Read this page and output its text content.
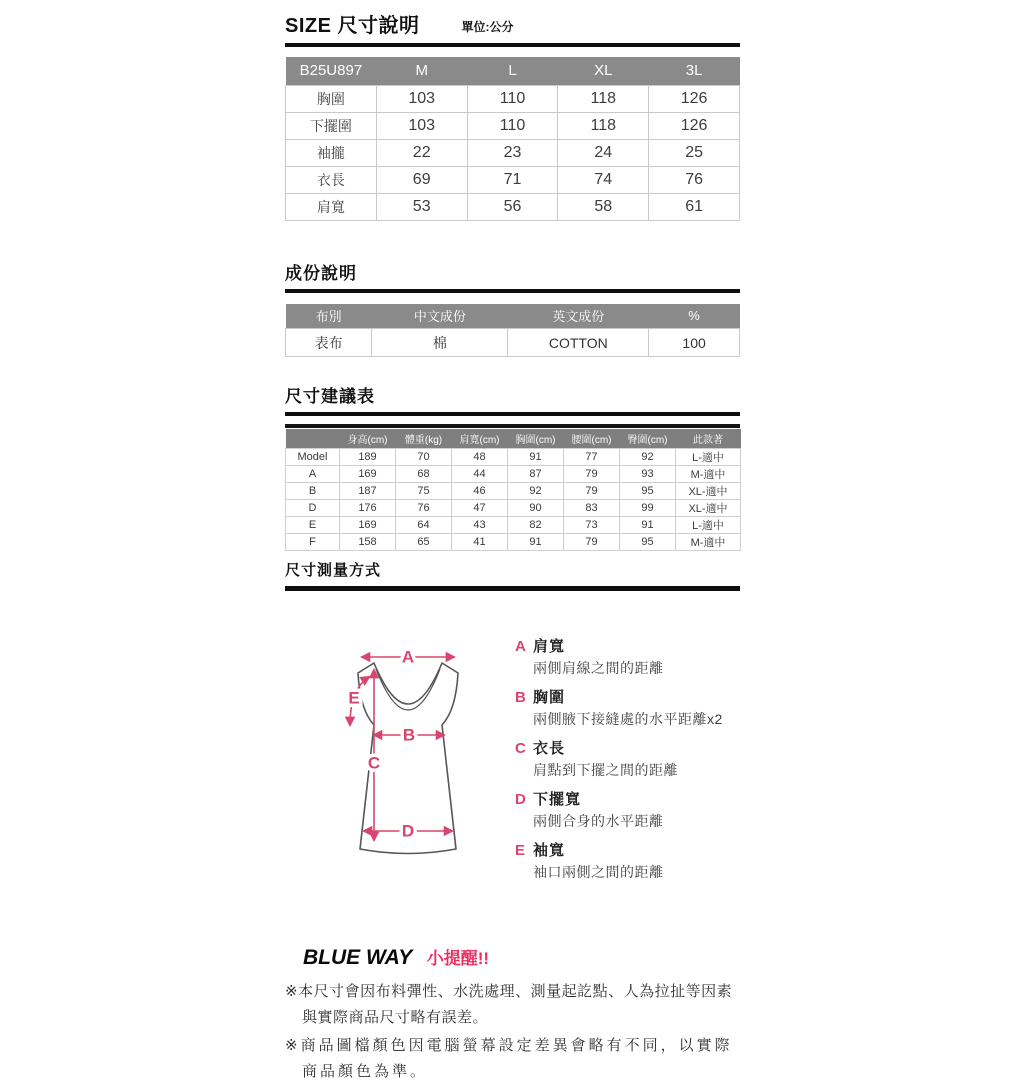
SIZE 尺寸說明	單位:公分
B25U897	M	L	XL	3L
胸圍	103	110	118	126
下擺圍	103	110	118	126
袖攏	22	23	24	25
衣長	69	71	74	76
肩寬	53	56	58	61
成份說明
布別	中文成份	英文成份	%
表布	棉	COTTON	100
尺寸建議表
	身高(cm)	體重(kg)	肩寬(cm)	胸圍(cm)	腰圍(cm)	臀圍(cm)	此款著
Model	189	70	48	91	77	92	L-適中
A	169	68	44	87	79	93	M-適中
B	187	75	46	92	79	95	XL-適中
D	176	76	47	90	83	99	XL-適中
E	169	64	43	82	73	91	L-適中
F	158	65	41	91	79	95	M-適中
尺寸測量方式
A
E
B
C
D
A 肩寬
兩側肩線之間的距離
B 胸圍
兩側腋下接縫處的水平距離x2
C 衣長
肩點到下擺之間的距離
D 下擺寬
兩側合身的水平距離
E 袖寬
袖口兩側之間的距離
BLUE WAY 小提醒!!
※本尺寸會因布料彈性、水洗處理、測量起訖點、人為拉扯等因素與實際商品尺寸略有誤差。
※商品圖檔顏色因電腦螢幕設定差異會略有不同，以實際商品顏色為準。
